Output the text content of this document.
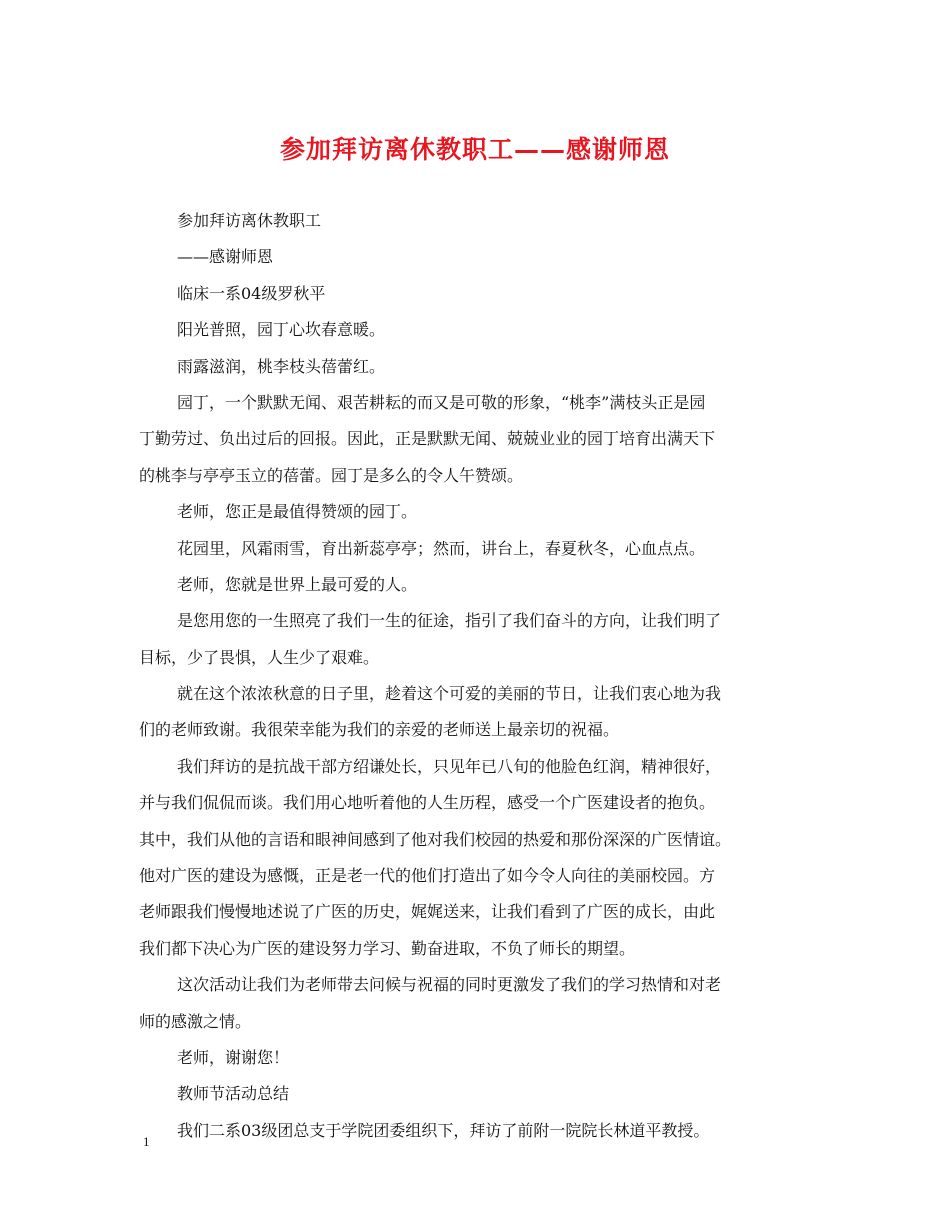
参加拜访离休教职工——感谢师恩
参加拜访离休教职工
——感谢师恩
临床一系04级罗秋平
阳光普照，园丁心坎春意暖。
雨露滋润，桃李枝头蓓蕾红。
园丁，一个默默无闻、艰苦耕耘的而又是可敬的形象，“桃李”满枝头正是园
丁勤劳过、负出过后的回报。因此，正是默默无闻、兢兢业业的园丁培育出满天下
的桃李与亭亭玉立的蓓蕾。园丁是多么的令人午赞颂。
老师，您正是最值得赞颂的园丁。
花园里，风霜雨雪，育出新蕊亭亭；然而，讲台上，春夏秋冬，心血点点。
老师，您就是世界上最可爱的人。
是您用您的一生照亮了我们一生的征途，指引了我们奋斗的方向，让我们明了
目标，少了畏惧，人生少了艰难。
就在这个浓浓秋意的日子里，趁着这个可爱的美丽的节日，让我们衷心地为我
们的老师致谢。我很荣幸能为我们的亲爱的老师送上最亲切的祝福。
我们拜访的是抗战干部方绍谦处长，只见年已八旬的他脸色红润，精神很好，
并与我们侃侃而谈。我们用心地听着他的人生历程，感受一个广医建设者的抱负。
其中，我们从他的言语和眼神间感到了他对我们校园的热爱和那份深深的广医情谊。
他对广医的建设为感慨，正是老一代的他们打造出了如今令人向往的美丽校园。方
老师跟我们慢慢地述说了广医的历史，娓娓送来，让我们看到了广医的成长，由此
我们都下决心为广医的建设努力学习、勤奋进取，不负了师长的期望。
这次活动让我们为老师带去问候与祝福的同时更激发了我们的学习热情和对老
师的感激之情。
老师，谢谢您！
教师节活动总结
我们二系03级团总支于学院团委组织下，拜访了前附一院院长林道平教授。
1
